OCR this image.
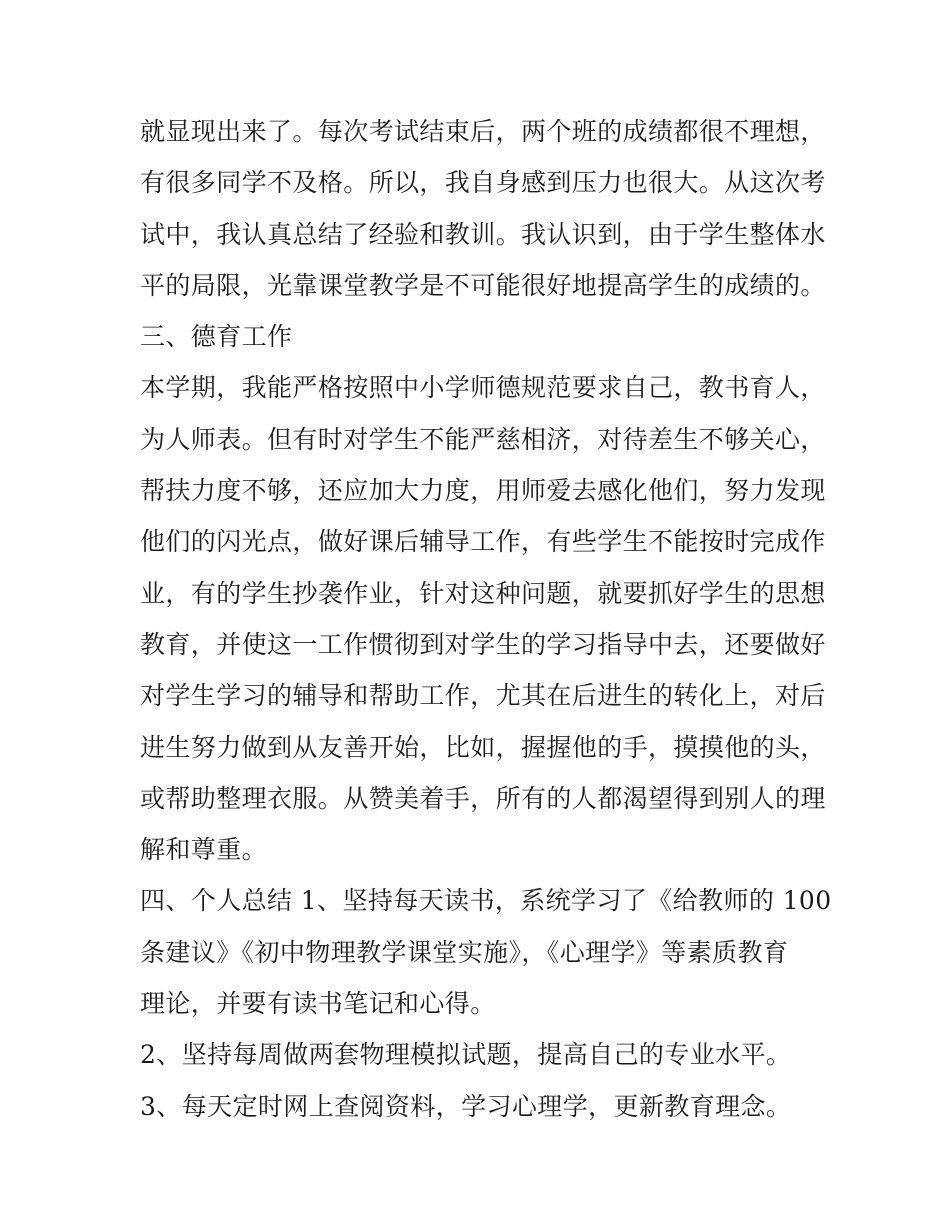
就显现出来了。每次考试结束后，两个班的成绩都很不理想，
有很多同学不及格。所以，我自身感到压力也很大。从这次考
试中，我认真总结了经验和教训。我认识到，由于学生整体水
平的局限，光靠课堂教学是不可能很好地提高学生的成绩的。
三、德育工作
本学期，我能严格按照中小学师德规范要求自己，教书育人，
为人师表。但有时对学生不能严慈相济，对待差生不够关心，
帮扶力度不够，还应加大力度，用师爱去感化他们，努力发现
他们的闪光点，做好课后辅导工作，有些学生不能按时完成作
业，有的学生抄袭作业，针对这种问题，就要抓好学生的思想
教育，并使这一工作惯彻到对学生的学习指导中去，还要做好
对学生学习的辅导和帮助工作，尤其在后进生的转化上，对后
进生努力做到从友善开始，比如，握握他的手，摸摸他的头，
或帮助整理衣服。从赞美着手，所有的人都渴望得到别人的理
解和尊重。
四、个人总结 1、坚持每天读书，系统学习了《给教师的 100
条建议》《初中物理教学课堂实施》，《心理学》等素质教育
理论，并要有读书笔记和心得。
2、坚持每周做两套物理模拟试题，提高自己的专业水平。
3、每天定时网上查阅资料，学习心理学，更新教育理念。
